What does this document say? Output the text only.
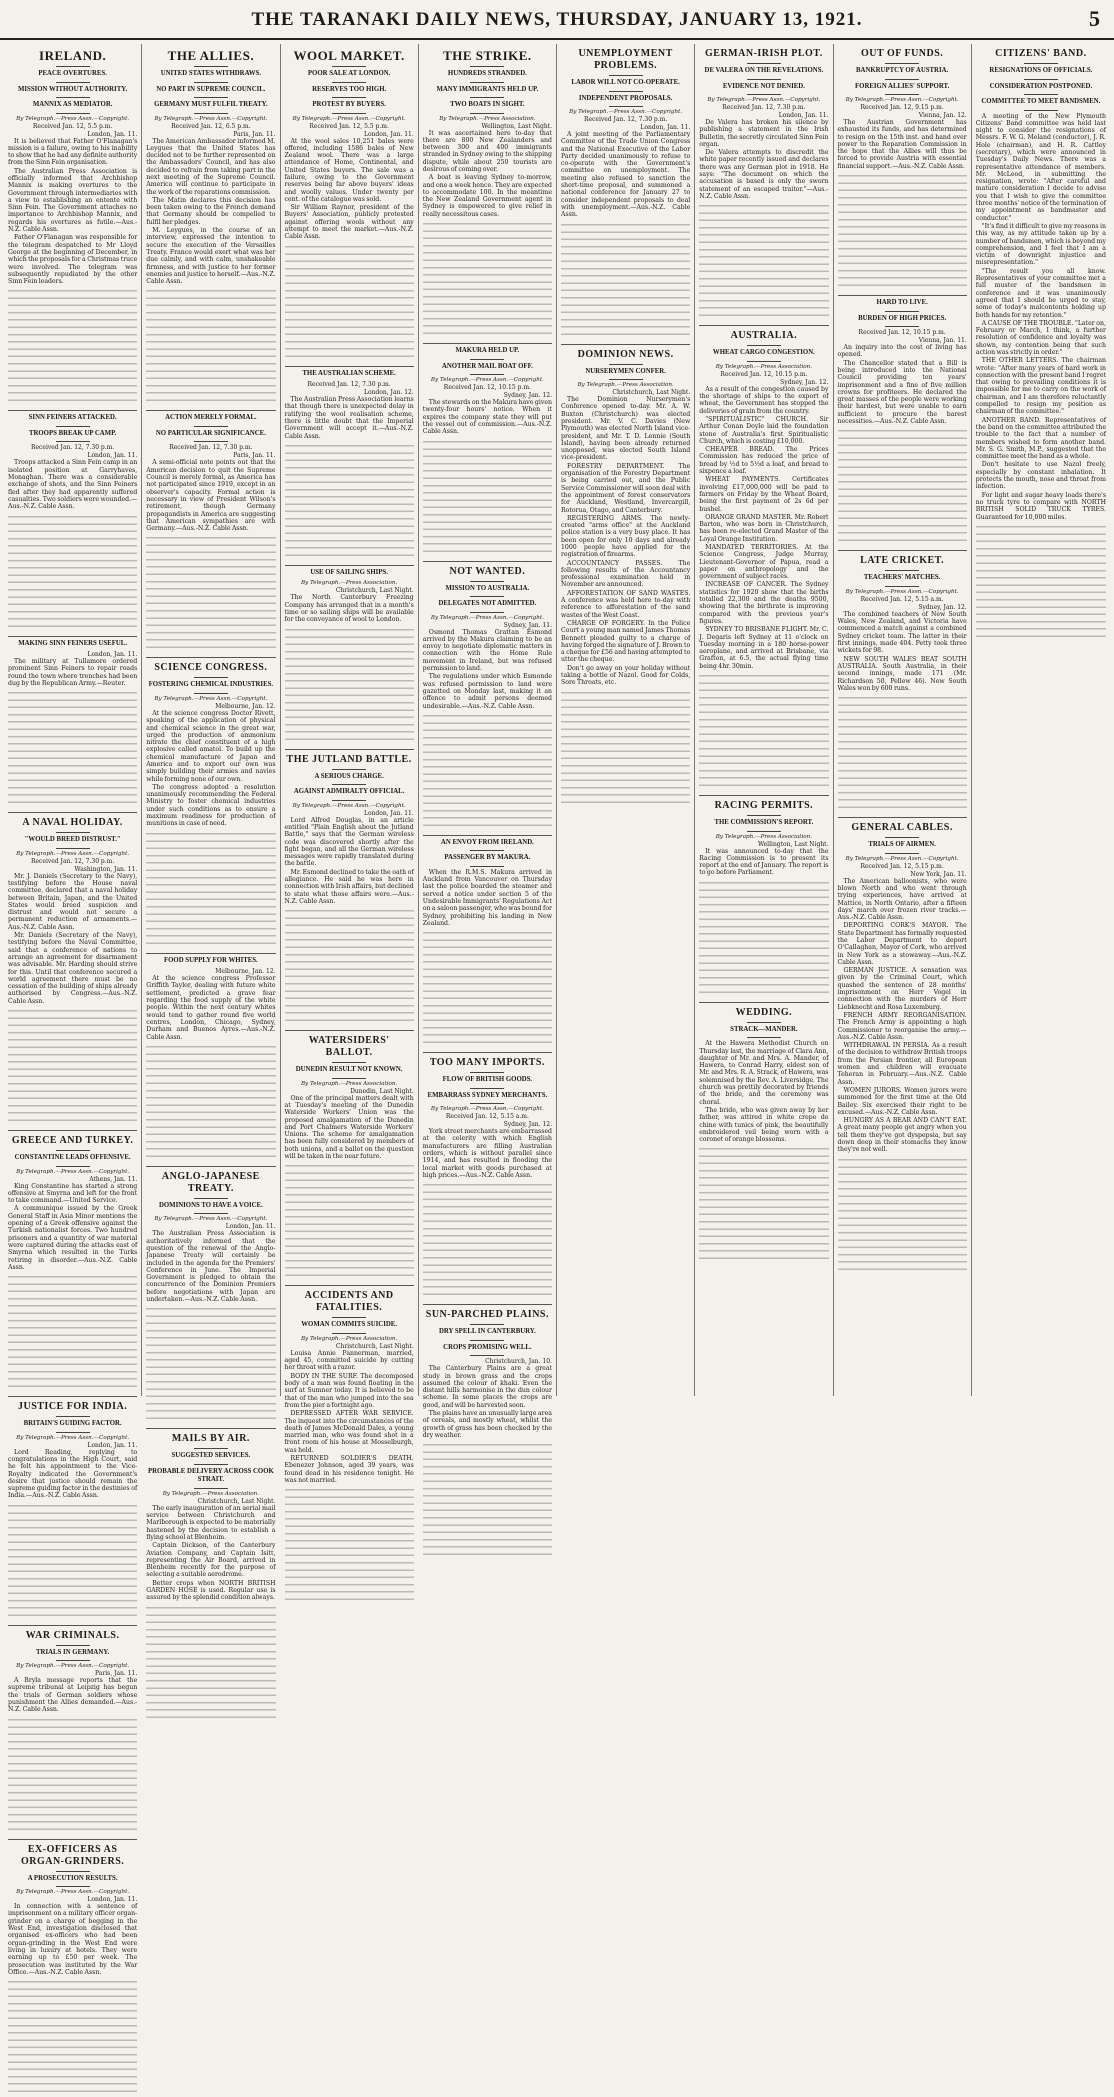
THE TARANAKI DAILY NEWS, THURSDAY, JANUARY 13, 1921.	5
IRELAND.
PEACE OVERTURES.
MISSION WITHOUT AUTHORITY.
MANNIX AS MEDIATOR.
By Telegraph.—Press Assn.—Copyright.
Received Jan. 12, 5.5 p.m.
London, Jan. 11.

It is believed that Father O'Flanagan's mission is a failure, owing to his inability to show that he had any definite authority from the Sinn Fein organisation.

The Australian Press Association is officially informed that Archbishop Mannix is making overtures to the Government through intermediaries with a view to establishing an entente with Sinn Fein. The Government attaches no importance to Archbishop Mannix, and regards his overtures as futile.—Aus.-N.Z. Cable Assn.

Father O'Flanagan was responsible for the telegram despatched to Mr Lloyd George at the beginning of December, in which the proposals for a Christmas truce were involved. The telegram was subsequently repudiated by the other Sinn Fein leaders.

SINN FEINERS ATTACKED.
TROOPS BREAK UP CAMP.
Received Jan. 12, 7.30 p.m.
London, Jan. 11.

Troops attacked a Sinn Fein camp in an isolated position at Garryhaves, Monaghan. There was a considerable exchange of shots, and the Sinn Feiners fled after they had apparently suffered casualties. Two soldiers were wounded.—Aus.-N.Z. Cable Assn.

MAKING SINN FEINERS USEFUL.
London, Jan. 11.

The military at Tullamore ordered prominent Sinn Feiners to repair roads round the town where trenches had been dug by the Republican Army.—Reuter.

A NAVAL HOLIDAY.
"WOULD BREED DISTRUST."
By Telegraph.—Press Assn.—Copyright.
Received Jan. 12, 7.30 p.m.
Washington, Jan. 11.

Mr. J. Daniels (Secretary to the Navy), testifying before the House naval committee, declared that a naval holiday between Britain, Japan, and the United States would breed suspicion and distrust and would not secure a permanent reduction of armaments.—Aus.-N.Z. Cable Assn.

Mr. Daniels (Secretary of the Navy), testifying before the Naval Committee, said that a conference of nations to arrange an agreement for disarmament was advisable. Mr. Harding should strive for this. Until that conference secured a world agreement there must be no cessation of the building of ships already authorised by Congress.—Aus.-N.Z. Cable Assn.

GREECE AND TURKEY.
CONSTANTINE LEADS OFFENSIVE.
By Telegraph.—Press Assn.—Copyright.
Athens, Jan. 11.

King Constantine has started a strong offensive at Smyrna and left for the front to take command.—United Service.

A communique issued by the Greek General Staff in Asia Minor mentions the opening of a Greek offensive against the Turkish nationalist forces. Two hundred prisoners and a quantity of war material were captured during the attacks east of Smyrna which resulted in the Turks retiring in disorder.—Aus.-N.Z. Cable Assn.

JUSTICE FOR INDIA.
BRITAIN'S GUIDING FACTOR.
By Telegraph.—Press Assn.—Copyright.
London, Jan. 11.

Lord Reading, replying to congratulations in the High Court, said he felt his appointment to the Vice-Royalty indicated the Government's desire that justice should remain the supreme guiding factor in the destinies of India.—Aus.-N.Z. Cable Assn.

WAR CRIMINALS.
TRIALS IN GERMANY.
By Telegraph.—Press Assn.—Copyright.
Paris, Jan. 11.

A Bryla message reports that the supreme tribunal at Leipzig has begun the trials of German soldiers whose punishment the Allies demanded.—Aus.-N.Z. Cable Assn.

EX-OFFICERS AS ORGAN-GRINDERS.
A PROSECUTION RESULTS.
By Telegraph.—Press Assn.—Copyright.
London, Jan. 11.

In connection with a sentence of imprisonment on a military officer organ-grinder on a charge of begging in the West End, investigation disclosed that organised ex-officers who had been organ-grinding in the West End were living in luxury at hotels. They were earning up to £50 per week. The prosecution was instituted by the War Office.—Aus.-N.Z. Cable Assn.

THE ALLIES.
UNITED STATES WITHDRAWS.
NO PART IN SUPREME COUNCIL.
GERMANY MUST FULFIL TREATY.
By Telegraph.—Press Assn.—Copyright.
Received Jan. 12, 6.5 p.m.
Paris, Jan. 11.

The American Ambassador informed M. Leygues that the United States has decided not to be further represented on the Ambassadors' Council, and has also decided to refrain from taking part in the next meeting of the Supreme Council. America will continue to participate in the work of the reparations commission.

The Matin declares this decision has been taken owing to the French demand that Germany should be compelled to fulfil her pledges.

M. Leygues, in the course of an interview, expressed the intention to secure the execution of the Versailles Treaty. France would exert what was her due calmly, and with calm, unshakeable firmness, and with justice to her former enemies and justice to herself.—Aus.-N.Z. Cable Assn.

ACTION MERELY FORMAL.
NO PARTICULAR SIGNIFICANCE.
Received Jan. 12, 7.30 p.m.
Paris, Jan. 11.

A semi-official note points out that the American decision to quit the Supreme Council is merely formal, as America has not participated since 1919, except in an observer's capacity. Formal action is necessary in view of President Wilson's retirement, though Germany propagandists in America are suggesting that American sympathies are with Germany.—Aus.-N.Z. Cable Assn.

SCIENCE CONGRESS.
FOSTERING CHEMICAL INDUSTRIES.
By Telegraph.—Press Assn.—Copyright.
Melbourne, Jan. 12.

At the science congress Doctor Rivett, speaking of the application of physical and chemical science in the great war, urged the production of ammonium nitrate the chief constituent of a high explosive called amatol. To build up the chemical manufacture of Japan and America and to export our own was simply building their armies and navies while forming none of our own.

The congress adopted a resolution unanimously recommending the Federal Ministry to foster chemical industries under such conditions as to ensure a maximum readiness for production of munitions in case of need.

FOOD SUPPLY FOR WHITES.
Melbourne, Jan. 12.

At the science congress Professor Griffith Taylor, dealing with future white settlement, predicted a grave fear regarding the food supply of the white people. Within the next century whites would tend to gather round five world centres, London, Chicago, Sydney, Durham and Buenos Ayres.—Aus.-N.Z. Cable Assn.

ANGLO-JAPANESE TREATY.
DOMINIONS TO HAVE A VOICE.
By Telegraph.—Press Assn.—Copyright.
London, Jan. 11.

The Australian Press Association is authoritatively informed that the question of the renewal of the Anglo-Japanese Treaty will certainly be included in the agenda for the Premiers' Conference in June. The Imperial Government is pledged to obtain the concurrence of the Dominion Premiers before negotiations with Japan are undertaken.—Aus.-N.Z. Cable Assn.

MAILS BY AIR.
SUGGESTED SERVICES.
PROBABLE DELIVERY ACROSS COOK STRAIT.
By Telegraph.—Press Association.
Christchurch, Last Night.

The early inauguration of an aerial mail service between Christchurch and Marlborough is expected to be materially hastened by the decision to establish a flying school at Blenheim.

Captain Dickson, of the Canterbury Aviation Company, and Captain Isitt, representing the Air Board, arrived in Blenheim recently for the purpose of selecting a suitable aerodrome.

Better crops when NORTH BRITISH GARDEN HOSE is used. Regular use is assured by the splendid condition always.

WOOL MARKET.
POOR SALE AT LONDON.
RESERVES TOO HIGH.
PROTEST BY BUYERS.
By Telegraph.—Press Assn.—Copyright.
Received Jan. 12, 5.5 p.m.
London, Jan. 11.

At the wool sales 10,251 bales were offered, including 1586 bales of New Zealand wool. There was a large attendance of Home, Continental, and United States buyers. The sale was a failure, owing to the Government reserves being far above buyers' ideas and woolly values. Under twenty per cent. of the catalogue was sold.

Sir William Raynor, president of the Buyers' Association, publicly protested against offering wools without any attempt to meet the market.—Aus.-N.Z. Cable Assn.

THE AUSTRALIAN SCHEME.
Received Jan. 12, 7.30 p.m.
London, Jan. 12.

The Australian Press Association learns that though there is unexpected delay in ratifying the wool realisation scheme, there is little doubt that the Imperial Government will accept it.—Aus.-N.Z. Cable Assn.

USE OF SAILING SHIPS.
By Telegraph.—Press Association.
Christchurch, Last Night.

The North Canterbury Freezing Company has arranged that in a month's time or so sailing ships will be available for the conveyance of wool to London.

THE JUTLAND BATTLE.
A SERIOUS CHARGE.
AGAINST ADMIRALTY OFFICIAL.
By Telegraph.—Press Assn.—Copyright.
London, Jan. 11.

Lord Alfred Douglas, in an article entitled "Plain English about the Jutland Battle," says that the German wireless code was discovered shortly after the fight began, and all the German wireless messages were rapidly translated during the battle.

Mr. Esmond declined to take the oath of allegiance. He said he was here in connection with Irish affairs, but declined to state what those affairs were.—Aus.-N.Z. Cable Assn.

WATERSIDERS' BALLOT.
DUNEDIN RESULT NOT KNOWN.
By Telegraph.—Press Association.
Dunedin, Last Night.

One of the principal matters dealt with at Tuesday's meeting of the Dunedin Waterside Workers' Union was the proposed amalgamation of the Dunedin and Port Chalmers Waterside Workers' Unions. The scheme for amalgamation has been fully considered by members of both unions, and a ballot on the question will be taken in the near future.

ACCIDENTS AND FATALITIES.
WOMAN COMMITS SUICIDE.
By Telegraph.—Press Association.
Christchurch, Last Night.

Louisa Annie Pannerman, married, aged 45, committed suicide by cutting her throat with a razor.

BODY IN THE SURF. The decomposed body of a man was found floating in the surf at Sumner today. It is believed to be that of the man who jumped into the sea from the pier a fortnight ago.

DEPRESSED AFTER WAR SERVICE. The inquest into the circumstances of the death of James McDonald Dales, a young married man, who was found shot in a front room of his house at Mosselburgh, was held.

RETURNED SOLDIER'S DEATH. Ebenezer Johnson, aged 39 years, was found dead in his residence tonight. He was not married.

THE STRIKE.
HUNDREDS STRANDED.
MANY IMMIGRANTS HELD UP.
TWO BOATS IN SIGHT.
By Telegraph.—Press Association.
Wellington, Last Night.

It was ascertained here to-day that there are 800 New Zealanders and between 300 and 400 immigrants stranded in Sydney owing to the shipping dispute, while about 250 tourists are desirous of coming over.

A boat is leaving Sydney to-morrow, and one a week hence. They are expected to accommodate 100. In the meantime the New Zealand Government agent in Sydney is empowered to give relief in really necessitous cases.

MAKURA HELD UP.
ANOTHER MAIL BOAT OFF.
By Telegraph.—Press Assn.—Copyright.
Received Jan. 12, 10.15 p.m.
Sydney, Jan. 12.

The stewards on the Makura have given twenty-four hours' notice. When it expires the company state they will put the vessel out of commission.—Aus.-N.Z. Cable Assn.

NOT WANTED.
MISSION TO AUSTRALIA.
DELEGATES NOT ADMITTED.
By Telegraph.—Press Assn.—Copyright.
Sydney, Jan. 11.

Osmond Thomas Grattan Esmond arrived by the Makura claiming to be an envoy to negotiate diplomatic matters in connection with the Home Rule movement in Ireland, but was refused permission to land.

The regulations under which Esmonde was refused permission to land were gazetted on Monday last, making it an offence to admit persons deemed undesirable.—Aus.-N.Z. Cable Assn.

AN ENVOY FROM IRELAND.
PASSENGER BY MAKURA.

When the R.M.S. Makura arrived in Auckland from Vancouver on Thursday last the police boarded the steamer and served a notice under section 5 of the Undesirable Immigrants' Regulations Act on a saloon passenger, who was bound for Sydney, prohibiting his landing in New Zealand.

TOO MANY IMPORTS.
FLOW OF BRITISH GOODS.
EMBARRASS SYDNEY MERCHANTS.
By Telegraph.—Press Assn.—Copyright.
Received Jan. 12, 5.15 a.m.
Sydney, Jan. 12.

York street merchants are embarrassed at the celerity with which English manufacturers are filling Australian orders, which is without parallel since 1914, and has resulted in flooding the local market with goods purchased at high prices.—Aus.-N.Z. Cable Assn.

SUN-PARCHED PLAINS.
DRY SPELL IN CANTERBURY.
CROPS PROMISING WELL.
Christchurch, Jan. 10.

The Canterbury Plains are a great study in brown grass and the crops assumed the colour of khaki. Even the distant hills harmonise in the dun colour scheme. In some places the crops are good, and will be harvested soon.

The plains have an unusually large area of cereals, and mostly wheat, whilst the growth of grass has been checked by the dry weather.

UNEMPLOYMENT PROBLEMS.
LABOR WILL NOT CO-OPERATE.
INDEPENDENT PROPOSALS.
By Telegraph.—Press Assn.—Copyright.
Received Jan. 12, 7.30 p.m.
London, Jan. 11.

A joint meeting of the Parliamentary Committee of the Trade Union Congress and the National Executive of the Labor Party decided unanimously to refuse to co-operate with the Government's committee on unemployment. The meeting also refused to sanction the short-time proposal, and summoned a national conference for January 27 to consider independent proposals to deal with unemployment.—Aus.-N.Z. Cable Assn.

DOMINION NEWS.
NURSERYMEN CONFER.
By Telegraph.—Press Association.
Christchurch, Last Night.

The Dominion Nurserymen's Conference opened to-day. Mr. A. W. Buxton (Christchurch) was elected president. Mr. V. C. Davies (New Plymouth) was elected North Island vice-president, and Mr. T. D. Lennie (South Island), having been already returned unopposed, was elected South Island vice-president.

FORESTRY DEPARTMENT. The organisation of the Forestry Department is being carried out, and the Public Service Commissioner will soon deal with the appointment of forest conservators for Auckland, Westland, Invercargill, Rotorua, Otago, and Canterbury.

REGISTERING ARMS. The newly-created "arms office" at the Auckland police station is a very busy place. It has been open for only 10 days and already 1000 people have applied for the registration of firearms.

ACCOUNTANCY PASSES. The following results of the Accountancy professional examination held in November are announced.

AFFORESTATION OF SAND WASTES. A conference was held here to-day with reference to afforestation of the sand wastes of the West Coast.

CHARGE OF FORGERY. In the Police Court a young man named James Thomas Bennett pleaded guilty to a charge of having forged the signature of J. Brown to a cheque for £56 and having attempted to utter the cheque.

Don't go away on your holiday without taking a bottle of Nazol. Good for Colds, Sore Throats, etc.

GERMAN-IRISH PLOT.
DE VALERA ON THE REVELATIONS.
EVIDENCE NOT DENIED.
By Telegraph.—Press Assn.—Copyright.
Received Jan. 12, 7.30 p.m.
London, Jan. 11.

De Valera has broken his silence by publishing a statement in the Irish Bulletin, the secretly circulated Sinn Fein organ.

De Valera attempts to discredit the white paper recently issued and declares there was any German plot in 1918. He says: "The document on which the accusation is based is only the sworn statement of an escaped traitor."—Aus.-N.Z. Cable Assn.

AUSTRALIA.
WHEAT CARGO CONGESTION.
By Telegraph.—Press Association.
Received Jan. 12, 10.15 p.m.
Sydney, Jan. 12.

As a result of the congestion caused by the shortage of ships to the export of wheat, the Government has stopped the deliveries of grain from the country.

"SPIRITUALISTIC" CHURCH. Sir Arthur Conan Doyle laid the foundation stone of Australia's first Spiritualistic Church, which is costing £10,000.

CHEAPER BREAD. The Prices Commission has reduced the price of bread by ½d to 5½d a loaf, and bread to sixpence a loaf.

WHEAT PAYMENTS. Certificates involving £17,000,000 will be paid to farmers on Friday by the Wheat Board, being the first payment of 2s 6d per bushel.

ORANGE GRAND MASTER. Mr. Robert Barton, who was born in Christchurch, has been re-elected Grand Master of the Loyal Orange Institution.

MANDATED TERRITORIES. At the Science Congress, Judge Murray, Lieutenant-Governor of Papua, read a paper on anthropology and the government of subject races.

INCREASE OF CANCER. The Sydney statistics for 1920 show that the births totalled 22,300 and the deaths 9500, showing that the birthrate is improving compared with the previous year's figures.

SYDNEY TO BRISBANE FLIGHT. Mr. C. J. Degaris left Sydney at 11 o'clock on Tuesday morning in a 180 horse-power aeroplane, and arrived at Brisbane, via Grafton, at 6.5, the actual flying time being 4hr. 30min.

RACING PERMITS.
THE COMMISSION'S REPORT.
By Telegraph.—Press Association.
Wellington, Last Night.

It was announced to-day that the Racing Commission is to present its report at the end of January. The report is to go before Parliament.

WEDDING.
STRACK—MANDER.

At the Hawera Methodist Church on Thursday last, the marriage of Clara Ann, daughter of Mr. and Mrs. A. Mander, of Hawera, to Conrad Harry, eldest son of Mr. and Mrs. R. A. Strack, of Hawera, was solemnised by the Rev. A. Liversidge. The church was prettily decorated by friends of the bride, and the ceremony was choral.

The bride, who was given away by her father, was attired in white crepe de chine with tunics of pink, the beautifully embroidered veil being worn with a coronet of orange blossoms.

OUT OF FUNDS.
BANKRUPTCY OF AUSTRIA.
FOREIGN ALLIES' SUPPORT.
By Telegraph.—Press Assn.—Copyright.
Received Jan. 12, 9.15 p.m.
Vienna, Jan. 12.

The Austrian Government has exhausted its funds, and has determined to resign on the 15th inst. and hand over power to the Reparation Commission in the hope that the Allies will thus be forced to provide Austria with essential financial support.—Aus.-N.Z. Cable Assn.

HARD TO LIVE.
BURDEN OF HIGH PRICES.
Received Jan. 12, 10.15 p.m.
Vienna, Jan. 11.

An inquiry into the cost of living has opened.

The Chancellor stated that a Bill is being introduced into the National Council providing ten years' imprisonment and a fine of five million crowns for profiteers. He declared the great masses of the people were working their hardest, but were unable to earn sufficient to procure the barest necessities.—Aus.-N.Z. Cable Assn.

LATE CRICKET.
TEACHERS' MATCHES.
By Telegraph.—Press Assn.—Copyright.
Received Jan. 12, 5.15 a.m.
Sydney, Jan. 12.

The combined teachers of New South Wales, New Zealand, and Victoria have commenced a match against a combined Sydney cricket team. The latter in their first innings, made 404. Petty took three wickets for 98.

NEW SOUTH WALES BEAT SOUTH AUSTRALIA. South Australia, in their second innings, made 171 (Mr. Richardson 50, Pellew 46). New South Wales won by 600 runs.

GENERAL CABLES.
TRIALS OF AIRMEN.
By Telegraph.—Press Assn.—Copyright.
Received Jan. 12, 5.15 p.m.
New York, Jan. 11.

The American balloonists, who were blown North and who went through trying experiences, have arrived at Mattice, in North Ontario, after a fifteen days' march over frozen river tracks.—Aus.-N.Z. Cable Assn.

DEPORTING CORK'S MAYOR. The State Department has formally requested the Labor Department to deport O'Callaghan, Mayor of Cork, who arrived in New York as a stowaway.—Aus.-N.Z. Cable Assn.

GERMAN JUSTICE. A sensation was given by the Criminal Court, which quashed the sentence of 28 months' imprisonment on Herr Vogel in connection with the murders of Herr Liebknecht and Rosa Luxemburg.

FRENCH ARMY REORGANISATION. The French Army is appointing a high Commissioner to reorganise the army.—Aus.-N.Z. Cable Assn.

WITHDRAWAL IN PERSIA. As a result of the decision to withdraw British troops from the Persian frontier, all European women and children will evacuate Teheran in February.—Aus.-N.Z. Cable Assn.

WOMEN JURORS. Women jurors were summoned for the first time at the Old Bailey. Six exercised their right to be excused.—Aus.-N.Z. Cable Assn.

HUNGRY AS A BEAR AND CAN'T EAT. A great many people get angry when you tell them they've got dyspepsia, but say down deep in their stomachs they know they're not well.

CITIZENS' BAND.
RESIGNATIONS OF OFFICIALS.
CONSIDERATION POSTPONED.
COMMITTEE TO MEET BANDSMEN.

A meeting of the New Plymouth Citizens' Band committee was held last night to consider the resignations of Messrs. F. W. G. Meland (conductor), J. R. Hole (chairman), and H. R. Cattley (secretary), which were announced in Tuesday's Daily News. There was a representative attendance of members. Mr. McLeod, in submitting the resignation, wrote: "After careful and mature consideration I decide to advise you that I wish to give the committee three months' notice of the termination of my appointment as bandmaster and conductor."

"It's find it difficult to give my reasons in this way, as my attitude taken up by a number of bandsmen, which is beyond my comprehension, and I feel that I am a victim of downright injustice and misrepresentation."

"The result you all know. Representatives of your committee met a full muster of the bandsmen in conference and it was unanimously agreed that I should be urged to stay, some of today's malcontents holding up both hands for my retention."

A CAUSE OF THE TROUBLE. "Later on, February or March, I think, a further resolution of confidence and loyalty was shown, my contention being that such action was strictly in order."

THE OTHER LETTERS. The chairman wrote: "After many years of hard work in connection with the present band I regret that owing to prevailing conditions it is impossible for me to carry on the work of chairman, and I am therefore reluctantly compelled to resign my position as chairman of the committee."

ANOTHER BAND. Representatives of the band on the committee attributed the trouble to the fact that a number of members wished to form another band. Mr. S. G. Smith, M.P., suggested that the committee meet the band as a whole.

Don't hesitate to use Nazol freely, especially by constant inhalation. It protects the mouth, nose and throat from infection.

For light and sugar heavy loads there's no truck tyre to compare with NORTH BRITISH SOLID TRUCK TYRES. Guaranteed for 10,000 miles.
